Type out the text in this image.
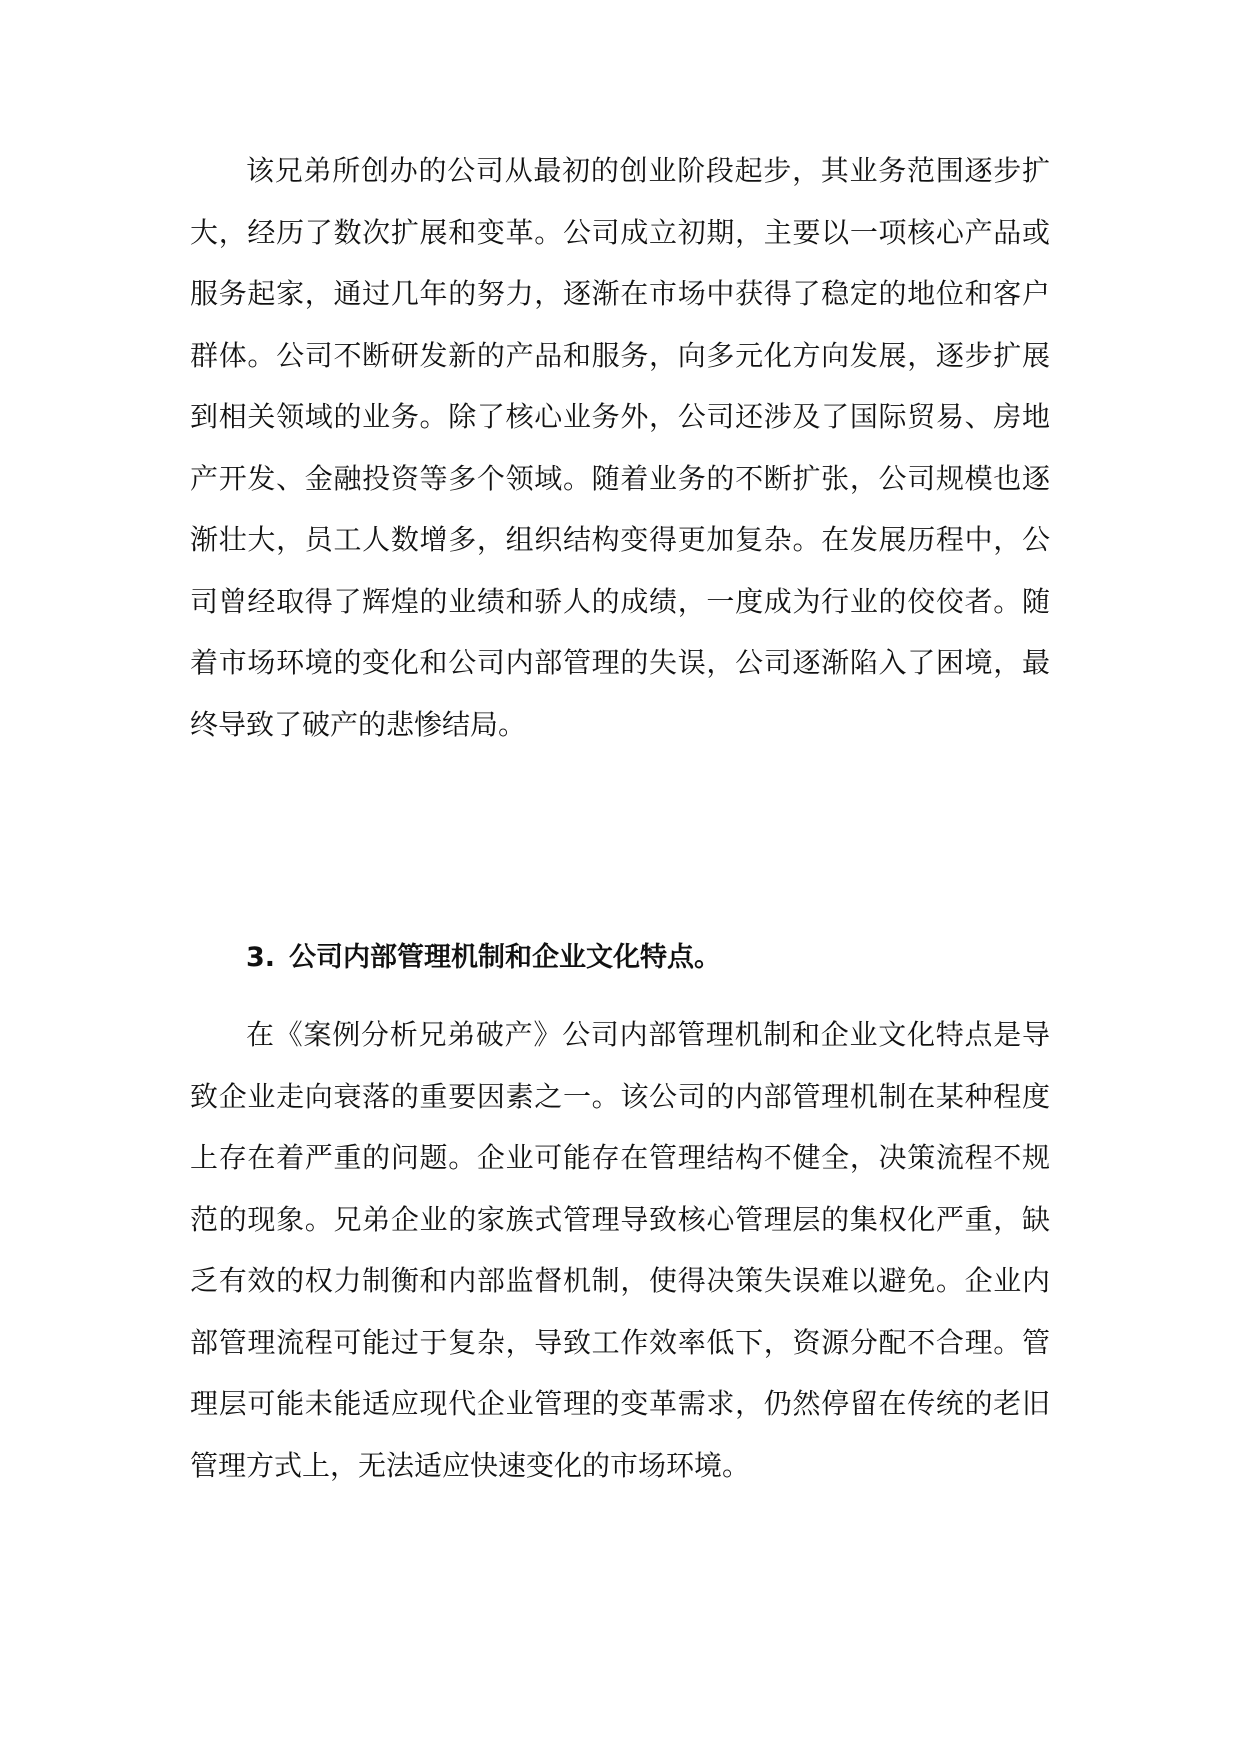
该兄弟所创办的公司从最初的创业阶段起步，其业务范围逐步扩大，经历了数次扩展和变革。公司成立初期，主要以一项核心产品或服务起家，通过几年的努力，逐渐在市场中获得了稳定的地位和客户群体。公司不断研发新的产品和服务，向多元化方向发展，逐步扩展到相关领域的业务。除了核心业务外，公司还涉及了国际贸易、房地产开发、金融投资等多个领域。随着业务的不断扩张，公司规模也逐渐壮大，员工人数增多，组织结构变得更加复杂。在发展历程中，公司曾经取得了辉煌的业绩和骄人的成绩，一度成为行业的佼佼者。随着市场环境的变化和公司内部管理的失误，公司逐渐陷入了困境，最终导致了破产的悲惨结局。

3. 公司内部管理机制和企业文化特点。

在《案例分析兄弟破产》公司内部管理机制和企业文化特点是导致企业走向衰落的重要因素之一。该公司的内部管理机制在某种程度上存在着严重的问题。企业可能存在管理结构不健全，决策流程不规范的现象。兄弟企业的家族式管理导致核心管理层的集权化严重，缺乏有效的权力制衡和内部监督机制，使得决策失误难以避免。企业内部管理流程可能过于复杂，导致工作效率低下，资源分配不合理。管理层可能未能适应现代企业管理的变革需求，仍然停留在传统的老旧管理方式上，无法适应快速变化的市场环境。
